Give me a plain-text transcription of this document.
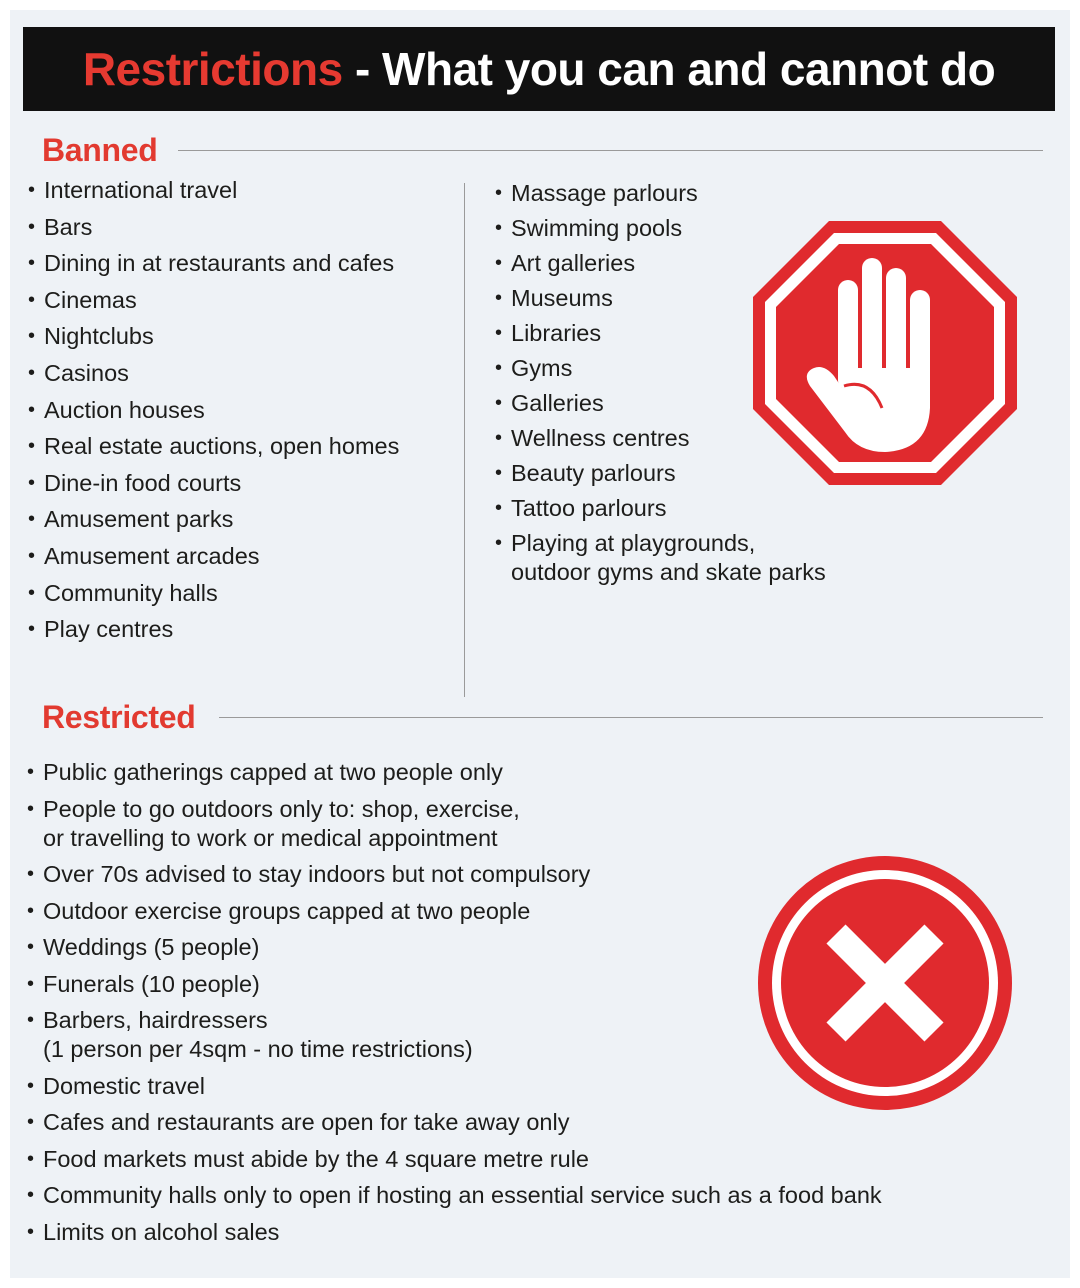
Restrictions - What you can and cannot do
Banned
• International travel
• Bars
• Dining in at restaurants and cafes
• Cinemas
• Nightclubs
• Casinos
• Auction houses
• Real estate auctions, open homes
• Dine-in food courts
• Amusement parks
• Amusement arcades
• Community halls
• Play centres
• Massage parlours
• Swimming pools
• Art galleries
• Museums
• Libraries
• Gyms
• Galleries
• Wellness centres
• Beauty parlours
• Tattoo parlours
• Playing at playgrounds,
outdoor gyms and skate parks
Restricted
• Public gatherings capped at two people only
• People to go outdoors only to: shop, exercise,
or travelling to work or medical appointment
• Over 70s advised to stay indoors but not compulsory
• Outdoor exercise groups capped at two people
• Weddings (5 people)
• Funerals (10 people)
• Barbers, hairdressers
(1 person per 4sqm - no time restrictions)
• Domestic travel
• Cafes and restaurants are open for take away only
• Food markets must abide by the 4 square metre rule
• Community halls only to open if hosting an essential service such as a food bank
• Limits on alcohol sales
